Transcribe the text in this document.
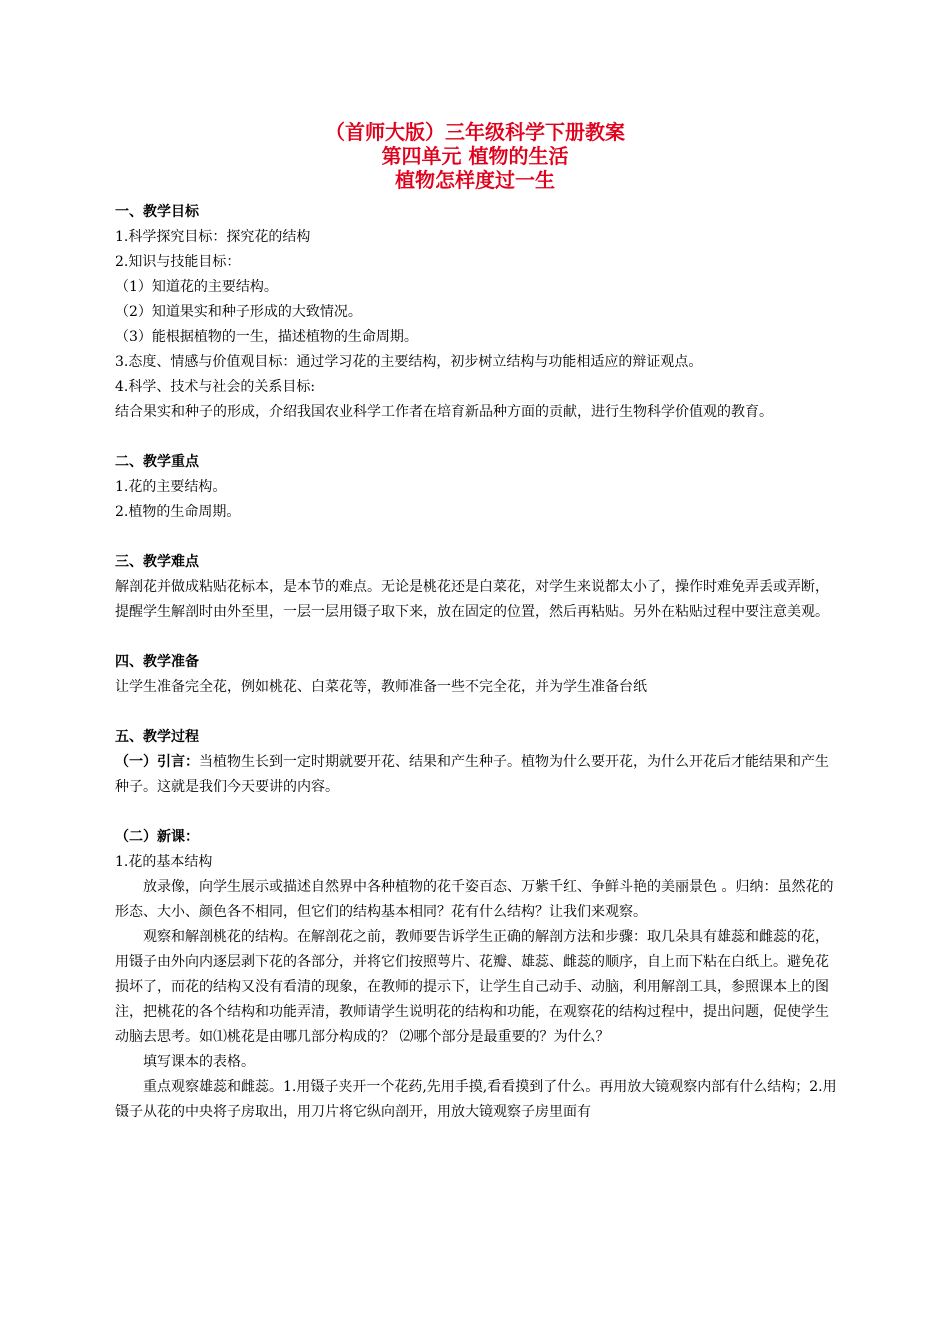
（首师大版）三年级科学下册教案

第四单元 植物的生活

植物怎样度过一生

一、教学目标

1.科学探究目标：探究花的结构

2.知识与技能目标：

（1）知道花的主要结构。

（2）知道果实和种子形成的大致情况。

（3）能根据植物的一生，描述植物的生命周期。

3.态度、情感与价值观目标：通过学习花的主要结构，初步树立结构与功能相适应的辩证观点。

4.科学、技术与社会的关系目标:

结合果实和种子的形成，介绍我国农业科学工作者在培育新品种方面的贡献，进行生物科学价值观的教育。

二、教学重点

1.花的主要结构。

2.植物的生命周期。

三、教学难点

解剖花并做成粘贴花标本，是本节的难点。无论是桃花还是白菜花，对学生来说都太小了，操作时难免弄丢或弄断，提醒学生解剖时由外至里，一层一层用镊子取下来，放在固定的位置，然后再粘贴。另外在粘贴过程中要注意美观。

四、教学准备

让学生准备完全花，例如桃花、白菜花等，教师准备一些不完全花，并为学生准备台纸

五、教学过程

（一）引言：当植物生长到一定时期就要开花、结果和产生种子。植物为什么要开花，为什么开花后才能结果和产生种子。这就是我们今天要讲的内容。

（二）新课：

1.花的基本结构

放录像，向学生展示或描述自然界中各种植物的花千姿百态、万紫千红、争鲜斗艳的美丽景色 。归纳：虽然花的形态、大小、颜色各不相同，但它们的结构基本相同？花有什么结构？让我们来观察。

观察和解剖桃花的结构。在解剖花之前，教师要告诉学生正确的解剖方法和步骤：取几朵具有雄蕊和雌蕊的花，用镊子由外向内逐层剥下花的各部分，并将它们按照萼片、花瓣、雄蕊、雌蕊的顺序，自上而下粘在白纸上。避免花损坏了，而花的结构又没有看清的现象，在教师的提示下，让学生自己动手、动脑，利用解剖工具，参照课本上的图注，把桃花的各个结构和功能弄清，教师请学生说明花的结构和功能，在观察花的结构过程中，提出问题，促使学生动脑去思考。如⑴桃花是由哪几部分构成的？ ⑵哪个部分是最重要的？为什么？

填写课本的表格。

重点观察雄蕊和雌蕊。1.用镊子夹开一个花药,先用手摸,看看摸到了什么。再用放大镜观察内部有什么结构；2.用镊子从花的中央将子房取出，用刀片将它纵向剖开，用放大镜观察子房里面有
